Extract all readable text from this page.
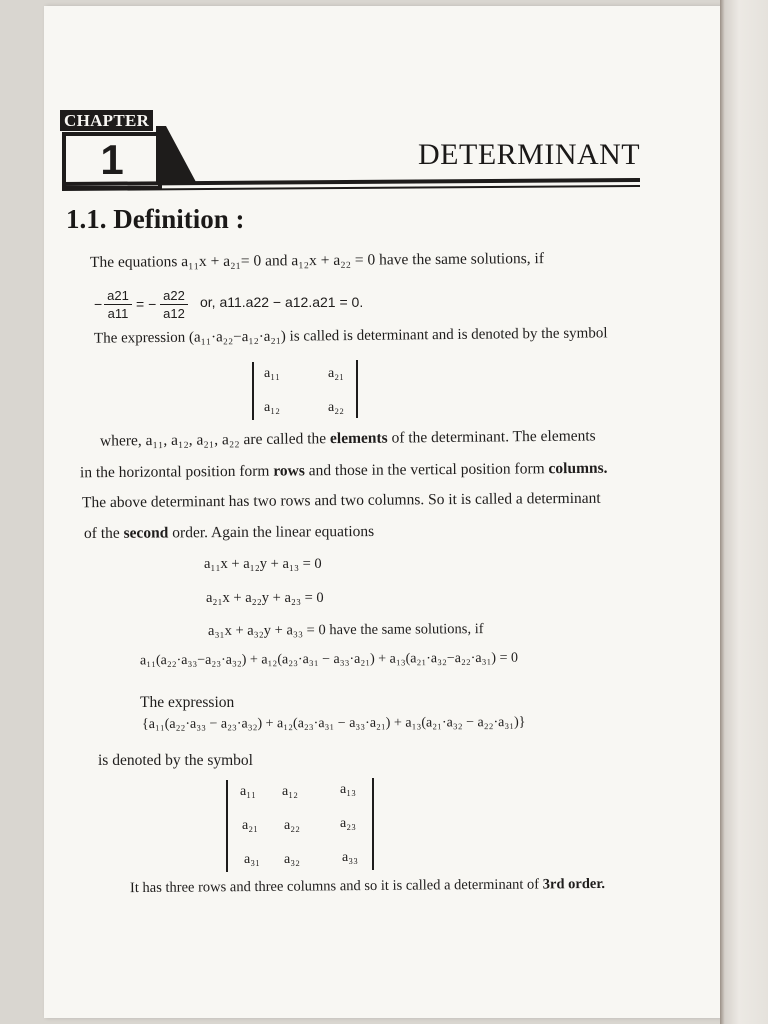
CHAPTER
1	DETERMINANT
1.1. Definition :
The equations a₁₁x + a₂₁= 0 and a₁₂x + a₂₂ = 0 have the same solutions, if
−
a21
a11
= −
a22
a12
or, a11.a22 − a12.a21 = 0.
The expression (a₁₁·a₂₂−a₁₂·a₂₁) is called is determinant and is denoted by the symbol
a₁₁	a₂₁
a₁₂	a₂₂
where, a₁₁, a₁₂, a₂₁, a₂₂ are called the elements of the determinant. The elements
in the horizontal position form rows and those in the vertical position form columns.
The above determinant has two rows and two columns. So it is called a determinant
of the second order. Again the linear equations
a₁₁x + a₁₂y + a₁₃ = 0
a₂₁x + a₂₂y + a₂₃ = 0
a₃₁x + a₃₂y + a₃₃ = 0 have the same solutions, if
a₁₁(a₂₂·a₃₃−a₂₃·a₃₂) + a₁₂(a₂₃·a₃₁ − a₃₃·a₂₁) + a₁₃(a₂₁·a₃₂−a₂₂·a₃₁) = 0
The expression
{a₁₁(a₂₂·a₃₃ − a₂₃·a₃₂) + a₁₂(a₂₃·a₃₁ − a₃₃·a₂₁) + a₁₃(a₂₁·a₃₂ − a₂₂·a₃₁)}
is denoted by the symbol
a₁₁ a₁₂	a₁₃
a₂₁ a₂₂	a₂₃
a₃₁ a₃₂	a₃₃
It has three rows and three columns and so it is called a determinant of 3rd order.
